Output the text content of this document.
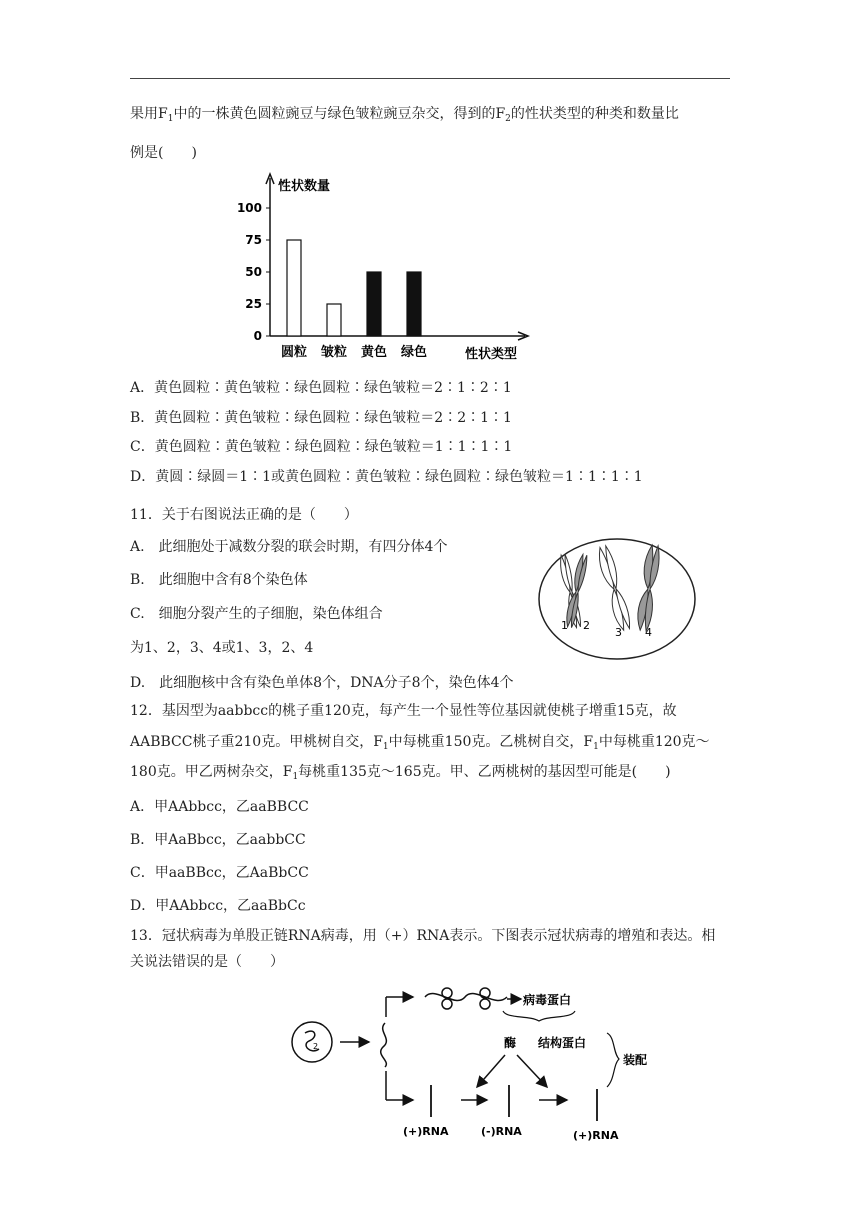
果用$F_1$中的一株黄色圆粒豌豆与绿色皱粒豌豆杂交，得到的$F_2$的性状类型的种类和数量比
例是(　　)
性状数量
性状类型
0
25
50
75
100
圆粒 皱粒 黄色 绿色
A．黄色圆粒∶黄色皱粒∶绿色圆粒∶绿色皱粒＝2∶1∶2∶1
B．黄色圆粒∶黄色皱粒∶绿色圆粒∶绿色皱粒＝2∶2∶1∶1
C．黄色圆粒∶黄色皱粒∶绿色圆粒∶绿色皱粒＝1∶1∶1∶1
D．黄圆∶绿圆＝1∶1或黄色圆粒∶黄色皱粒∶绿色圆粒∶绿色皱粒＝1∶1∶1∶1
11．关于右图说法正确的是（　　）
A.　此细胞处于减数分裂的联会时期，有四分体4个
B.　此细胞中含有8个染色体
C.　细胞分裂产生的子细胞，染色体组合
为1、2，3、4或1、3，2、4
D.　此细胞核中含有染色单体8个，DNA分子8个，染色体4个
1 2
3 4
12．基因型为aabbcc的桃子重120克，每产生一个显性等位基因就使桃子增重15克，故
AABBCC桃子重210克。甲桃树自交，$F_1$中每桃重150克。乙桃树自交，$F_1$中每桃重120克～
180克。甲乙两树杂交，$F_1$每桃重135克～165克。甲、乙两桃树的基因型可能是(　　)
A．甲AAbbcc，乙aaBBCC
B．甲AaBbcc，乙aabbCC
C．甲aaBBcc，乙AaBbCC
D．甲AAbbcc，乙aaBbCc
13．冠状病毒为单股正链RNA病毒，用（+）RNA表示。下图表示冠状病毒的增殖和表达。相
关说法错误的是（　　）
2
病毒蛋白
酶 结构蛋白
装配
(+)RNA	(-)RNA	(+)RNA
